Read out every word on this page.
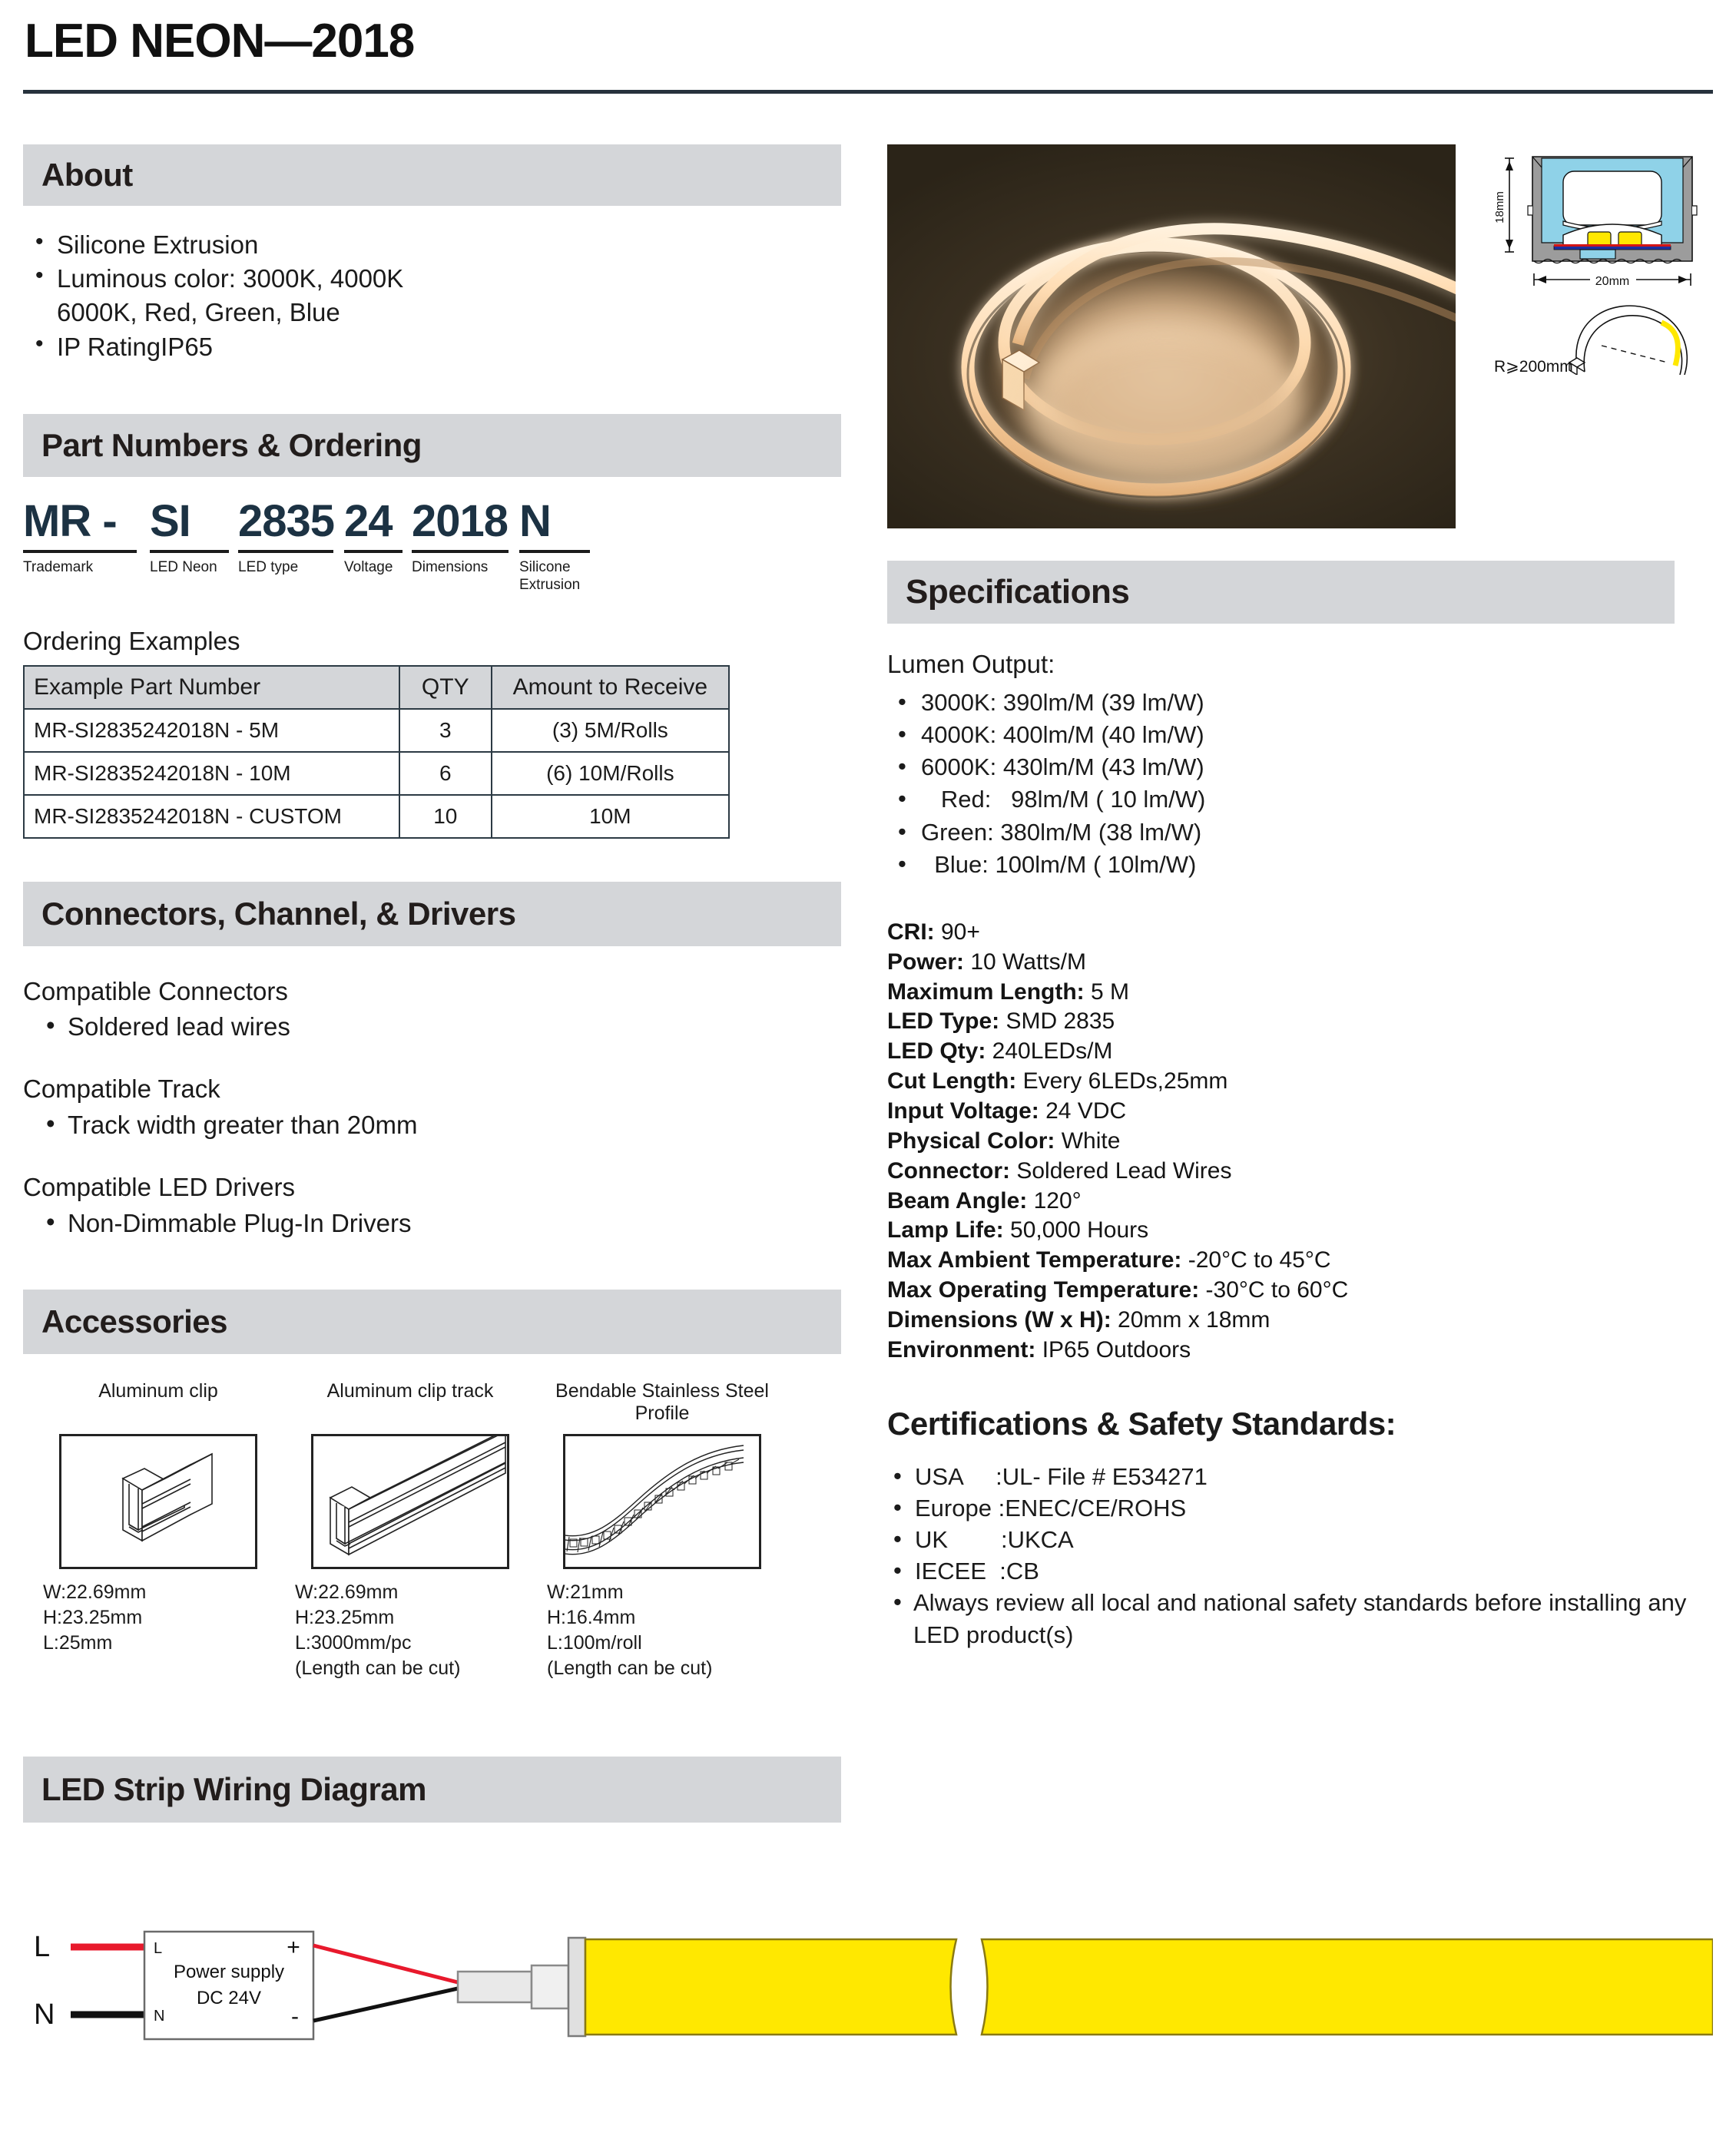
LED NEON—2018
About
• Silicone Extrusion
• Luminous color: 3000K, 4000K
6000K, Red, Green, Blue
• IP RatingIP65
Part Numbers & Ordering
MR -
Trademark
SI
LED Neon
2835
LED type
24
Voltage
2018
Dimensions
N
Silicone Extrusion
Ordering Examples
Example Part Number	QTY	Amount to Receive
MR-SI2835242018N - 5M	3	(3) 5M/Rolls
MR-SI2835242018N - 10M	6	(6) 10M/Rolls
MR-SI2835242018N - CUSTOM	10	10M
Connectors, Channel, & Drivers
Compatible Connectors
• Soldered lead wires
Compatible Track
• Track width greater than 20mm
Compatible LED Drivers
• Non-Dimmable Plug-In Drivers
Accessories
Aluminum clip
W:22.69mm
H:23.25mm
L:25mm
Aluminum clip track
W:22.69mm
H:23.25mm
L:3000mm/pc
(Length can be cut)
Bendable Stainless Steel Profile
W:21mm
H:16.4mm
L:100m/roll
(Length can be cut)
LED Strip Wiring Diagram
18mm
20mm
R⩾200mm
Specifications
Lumen Output:
• 3000K: 390lm/M (39 lm/W)
• 4000K: 400lm/M (40 lm/W)
• 6000K: 430lm/M (43 lm/W)
• Red:   98lm/M ( 10 lm/W)
• Green: 380lm/M (38 lm/W)
• Blue: 100lm/M ( 10lm/W)
CRI: 90+
Power: 10 Watts/M
Maximum Length: 5 M
LED Type: SMD 2835
LED Qty: 240LEDs/M
Cut Length: Every 6LEDs,25mm
Input Voltage: 24 VDC
Physical Color: White
Connector: Soldered Lead Wires
Beam Angle: 120°
Lamp Life: 50,000 Hours
Max Ambient Temperature: -20°C to 45°C
Max Operating Temperature: -30°C to 60°C
Dimensions (W x H): 20mm x 18mm
Environment: IP65 Outdoors
Certifications & Safety Standards:
• USA     :UL- File # E534271
• Europe :ENEC/CE/ROHS
• UK        :UKCA
• IECEE  :CB
• Always review all local and national safety standards before installing any LED product(s)
L
N
L
N
+
-
Power supply
DC 24V
